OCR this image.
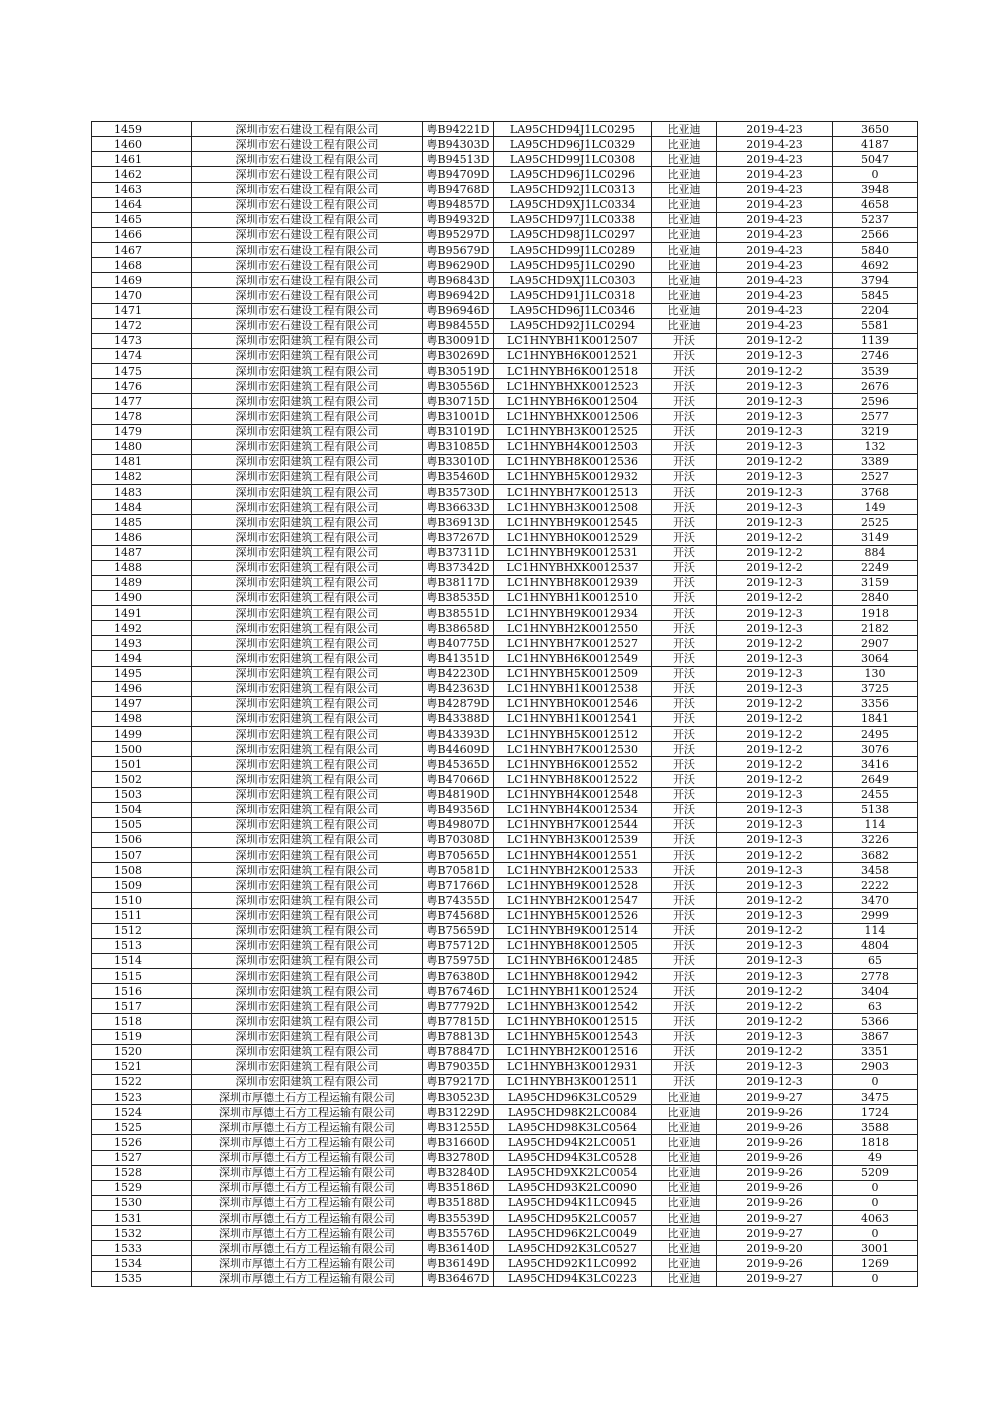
1459	深圳市宏石建设工程有限公司	粤B94221D	LA95CHD94J1LC0295	比亚迪	2019-4-23	3650
1460	深圳市宏石建设工程有限公司	粤B94303D	LA95CHD96J1LC0329	比亚迪	2019-4-23	4187
1461	深圳市宏石建设工程有限公司	粤B94513D	LA95CHD99J1LC0308	比亚迪	2019-4-23	5047
1462	深圳市宏石建设工程有限公司	粤B94709D	LA95CHD96J1LC0296	比亚迪	2019-4-23	0
1463	深圳市宏石建设工程有限公司	粤B94768D	LA95CHD92J1LC0313	比亚迪	2019-4-23	3948
1464	深圳市宏石建设工程有限公司	粤B94857D	LA95CHD9XJ1LC0334	比亚迪	2019-4-23	4658
1465	深圳市宏石建设工程有限公司	粤B94932D	LA95CHD97J1LC0338	比亚迪	2019-4-23	5237
1466	深圳市宏石建设工程有限公司	粤B95297D	LA95CHD98J1LC0297	比亚迪	2019-4-23	2566
1467	深圳市宏石建设工程有限公司	粤B95679D	LA95CHD99J1LC0289	比亚迪	2019-4-23	5840
1468	深圳市宏石建设工程有限公司	粤B96290D	LA95CHD95J1LC0290	比亚迪	2019-4-23	4692
1469	深圳市宏石建设工程有限公司	粤B96843D	LA95CHD9XJ1LC0303	比亚迪	2019-4-23	3794
1470	深圳市宏石建设工程有限公司	粤B96942D	LA95CHD91J1LC0318	比亚迪	2019-4-23	5845
1471	深圳市宏石建设工程有限公司	粤B96946D	LA95CHD96J1LC0346	比亚迪	2019-4-23	2204
1472	深圳市宏石建设工程有限公司	粤B98455D	LA95CHD92J1LC0294	比亚迪	2019-4-23	5581
1473	深圳市宏阳建筑工程有限公司	粤B30091D	LC1HNYBH1K0012507	开沃	2019-12-2	1139
1474	深圳市宏阳建筑工程有限公司	粤B30269D	LC1HNYBH6K0012521	开沃	2019-12-3	2746
1475	深圳市宏阳建筑工程有限公司	粤B30519D	LC1HNYBH6K0012518	开沃	2019-12-2	3539
1476	深圳市宏阳建筑工程有限公司	粤B30556D	LC1HNYBHXK0012523	开沃	2019-12-3	2676
1477	深圳市宏阳建筑工程有限公司	粤B30715D	LC1HNYBH6K0012504	开沃	2019-12-3	2596
1478	深圳市宏阳建筑工程有限公司	粤B31001D	LC1HNYBHXK0012506	开沃	2019-12-3	2577
1479	深圳市宏阳建筑工程有限公司	粤B31019D	LC1HNYBH3K0012525	开沃	2019-12-3	3219
1480	深圳市宏阳建筑工程有限公司	粤B31085D	LC1HNYBH4K0012503	开沃	2019-12-3	132
1481	深圳市宏阳建筑工程有限公司	粤B33010D	LC1HNYBH8K0012536	开沃	2019-12-2	3389
1482	深圳市宏阳建筑工程有限公司	粤B35460D	LC1HNYBH5K0012932	开沃	2019-12-3	2527
1483	深圳市宏阳建筑工程有限公司	粤B35730D	LC1HNYBH7K0012513	开沃	2019-12-3	3768
1484	深圳市宏阳建筑工程有限公司	粤B36633D	LC1HNYBH3K0012508	开沃	2019-12-3	149
1485	深圳市宏阳建筑工程有限公司	粤B36913D	LC1HNYBH9K0012545	开沃	2019-12-3	2525
1486	深圳市宏阳建筑工程有限公司	粤B37267D	LC1HNYBH0K0012529	开沃	2019-12-2	3149
1487	深圳市宏阳建筑工程有限公司	粤B37311D	LC1HNYBH9K0012531	开沃	2019-12-2	884
1488	深圳市宏阳建筑工程有限公司	粤B37342D	LC1HNYBHXK0012537	开沃	2019-12-2	2249
1489	深圳市宏阳建筑工程有限公司	粤B38117D	LC1HNYBH8K0012939	开沃	2019-12-3	3159
1490	深圳市宏阳建筑工程有限公司	粤B38535D	LC1HNYBH1K0012510	开沃	2019-12-2	2840
1491	深圳市宏阳建筑工程有限公司	粤B38551D	LC1HNYBH9K0012934	开沃	2019-12-3	1918
1492	深圳市宏阳建筑工程有限公司	粤B38658D	LC1HNYBH2K0012550	开沃	2019-12-3	2182
1493	深圳市宏阳建筑工程有限公司	粤B40775D	LC1HNYBH7K0012527	开沃	2019-12-2	2907
1494	深圳市宏阳建筑工程有限公司	粤B41351D	LC1HNYBH6K0012549	开沃	2019-12-3	3064
1495	深圳市宏阳建筑工程有限公司	粤B42230D	LC1HNYBH5K0012509	开沃	2019-12-3	130
1496	深圳市宏阳建筑工程有限公司	粤B42363D	LC1HNYBH1K0012538	开沃	2019-12-3	3725
1497	深圳市宏阳建筑工程有限公司	粤B42879D	LC1HNYBH0K0012546	开沃	2019-12-2	3356
1498	深圳市宏阳建筑工程有限公司	粤B43388D	LC1HNYBH1K0012541	开沃	2019-12-2	1841
1499	深圳市宏阳建筑工程有限公司	粤B43393D	LC1HNYBH5K0012512	开沃	2019-12-2	2495
1500	深圳市宏阳建筑工程有限公司	粤B44609D	LC1HNYBH7K0012530	开沃	2019-12-2	3076
1501	深圳市宏阳建筑工程有限公司	粤B45365D	LC1HNYBH6K0012552	开沃	2019-12-2	3416
1502	深圳市宏阳建筑工程有限公司	粤B47066D	LC1HNYBH8K0012522	开沃	2019-12-2	2649
1503	深圳市宏阳建筑工程有限公司	粤B48190D	LC1HNYBH4K0012548	开沃	2019-12-3	2455
1504	深圳市宏阳建筑工程有限公司	粤B49356D	LC1HNYBH4K0012534	开沃	2019-12-3	5138
1505	深圳市宏阳建筑工程有限公司	粤B49807D	LC1HNYBH7K0012544	开沃	2019-12-3	114
1506	深圳市宏阳建筑工程有限公司	粤B70308D	LC1HNYBH3K0012539	开沃	2019-12-3	3226
1507	深圳市宏阳建筑工程有限公司	粤B70565D	LC1HNYBH4K0012551	开沃	2019-12-2	3682
1508	深圳市宏阳建筑工程有限公司	粤B70581D	LC1HNYBH2K0012533	开沃	2019-12-3	3458
1509	深圳市宏阳建筑工程有限公司	粤B71766D	LC1HNYBH9K0012528	开沃	2019-12-3	2222
1510	深圳市宏阳建筑工程有限公司	粤B74355D	LC1HNYBH2K0012547	开沃	2019-12-2	3470
1511	深圳市宏阳建筑工程有限公司	粤B74568D	LC1HNYBH5K0012526	开沃	2019-12-3	2999
1512	深圳市宏阳建筑工程有限公司	粤B75659D	LC1HNYBH9K0012514	开沃	2019-12-2	114
1513	深圳市宏阳建筑工程有限公司	粤B75712D	LC1HNYBH8K0012505	开沃	2019-12-3	4804
1514	深圳市宏阳建筑工程有限公司	粤B75975D	LC1HNYBH6K0012485	开沃	2019-12-3	65
1515	深圳市宏阳建筑工程有限公司	粤B76380D	LC1HNYBH8K0012942	开沃	2019-12-3	2778
1516	深圳市宏阳建筑工程有限公司	粤B76746D	LC1HNYBH1K0012524	开沃	2019-12-2	3404
1517	深圳市宏阳建筑工程有限公司	粤B77792D	LC1HNYBH3K0012542	开沃	2019-12-2	63
1518	深圳市宏阳建筑工程有限公司	粤B77815D	LC1HNYBH0K0012515	开沃	2019-12-2	5366
1519	深圳市宏阳建筑工程有限公司	粤B78813D	LC1HNYBH5K0012543	开沃	2019-12-3	3867
1520	深圳市宏阳建筑工程有限公司	粤B78847D	LC1HNYBH2K0012516	开沃	2019-12-2	3351
1521	深圳市宏阳建筑工程有限公司	粤B79035D	LC1HNYBH3K0012931	开沃	2019-12-3	2903
1522	深圳市宏阳建筑工程有限公司	粤B79217D	LC1HNYBH3K0012511	开沃	2019-12-3	0
1523	深圳市厚德土石方工程运输有限公司	粤B30523D	LA95CHD96K3LC0529	比亚迪	2019-9-27	3475
1524	深圳市厚德土石方工程运输有限公司	粤B31229D	LA95CHD98K2LC0084	比亚迪	2019-9-26	1724
1525	深圳市厚德土石方工程运输有限公司	粤B31255D	LA95CHD98K3LC0564	比亚迪	2019-9-26	3588
1526	深圳市厚德土石方工程运输有限公司	粤B31660D	LA95CHD94K2LC0051	比亚迪	2019-9-26	1818
1527	深圳市厚德土石方工程运输有限公司	粤B32780D	LA95CHD94K3LC0528	比亚迪	2019-9-26	49
1528	深圳市厚德土石方工程运输有限公司	粤B32840D	LA95CHD9XK2LC0054	比亚迪	2019-9-26	5209
1529	深圳市厚德土石方工程运输有限公司	粤B35186D	LA95CHD93K2LC0090	比亚迪	2019-9-26	0
1530	深圳市厚德土石方工程运输有限公司	粤B35188D	LA95CHD94K1LC0945	比亚迪	2019-9-26	0
1531	深圳市厚德土石方工程运输有限公司	粤B35539D	LA95CHD95K2LC0057	比亚迪	2019-9-27	4063
1532	深圳市厚德土石方工程运输有限公司	粤B35576D	LA95CHD96K2LC0049	比亚迪	2019-9-27	0
1533	深圳市厚德土石方工程运输有限公司	粤B36140D	LA95CHD92K3LC0527	比亚迪	2019-9-20	3001
1534	深圳市厚德土石方工程运输有限公司	粤B36149D	LA95CHD92K1LC0992	比亚迪	2019-9-26	1269
1535	深圳市厚德土石方工程运输有限公司	粤B36467D	LA95CHD94K3LC0223	比亚迪	2019-9-27	0
